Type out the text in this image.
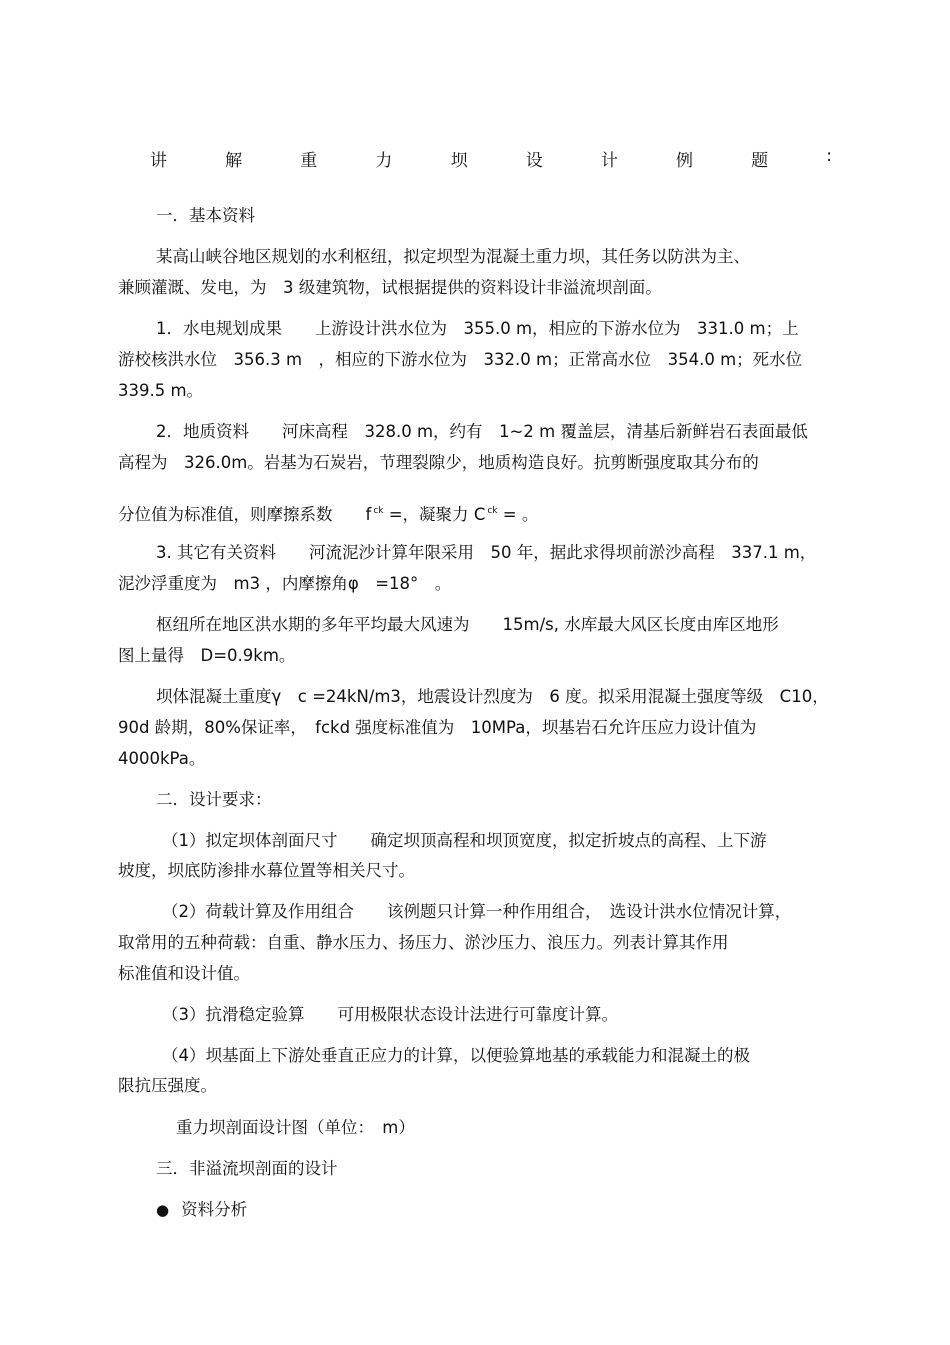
讲	解	重	力	坝	设	计	例	题	:
一．基本资料
某高山峡谷地区规划的水利枢纽，拟定坝型为混凝土重力坝，其任务以防洪为主、
兼顾灌溉、发电，为　3 级建筑物，试根据提供的资料设计非溢流坝剖面。
1．水电规划成果　　上游设计洪水位为　355.0 m，相应的下游水位为　331.0 m；上
游校核洪水位　356.3 m　，相应的下游水位为　332.0 m；正常高水位　354.0 m；死水位
339.5 m。
2．地质资料　　河床高程　328.0 m，约有　1~2 m 覆盖层，清基后新鲜岩石表面最低
高程为　326.0m。岩基为石炭岩，节理裂隙少，地质构造良好。抗剪断强度取其分布的
分位值为标准值，则摩擦系数　　f $^{ck}$ =，凝聚力 C $^{ck}$ = 。
3. 其它有关资料　　河流泥沙计算年限采用　50 年，据此求得坝前淤沙高程　337.1 m，
泥沙浮重度为　m3 ，内摩擦角φ　=18°　。
枢纽所在地区洪水期的多年平均最大风速为　　15m/s, 水库最大风区长度由库区地形
图上量得　D=0.9km。
坝体混凝土重度γ　c =24kN/m3，地震设计烈度为　6 度。拟采用混凝土强度等级　C10，
90d 龄期，80%保证率，　fckd 强度标准值为　10MPa，坝基岩石允许压应力设计值为
4000kPa。
二．设计要求：
（1）拟定坝体剖面尺寸　　确定坝顶高程和坝顶宽度，拟定折坡点的高程、上下游
坡度，坝底防渗排水幕位置等相关尺寸。
（2）荷载计算及作用组合　　该例题只计算一种作用组合，　选设计洪水位情况计算，
取常用的五种荷载：自重、静水压力、扬压力、淤沙压力、浪压力。列表计算其作用
标准值和设计值。
（3）抗滑稳定验算　　可用极限状态设计法进行可靠度计算。
（4）坝基面上下游处垂直正应力的计算，以便验算地基的承载能力和混凝土的极
限抗压强度。
重力坝剖面设计图（单位：　m）
三．非溢流坝剖面的设计
● 资料分析
